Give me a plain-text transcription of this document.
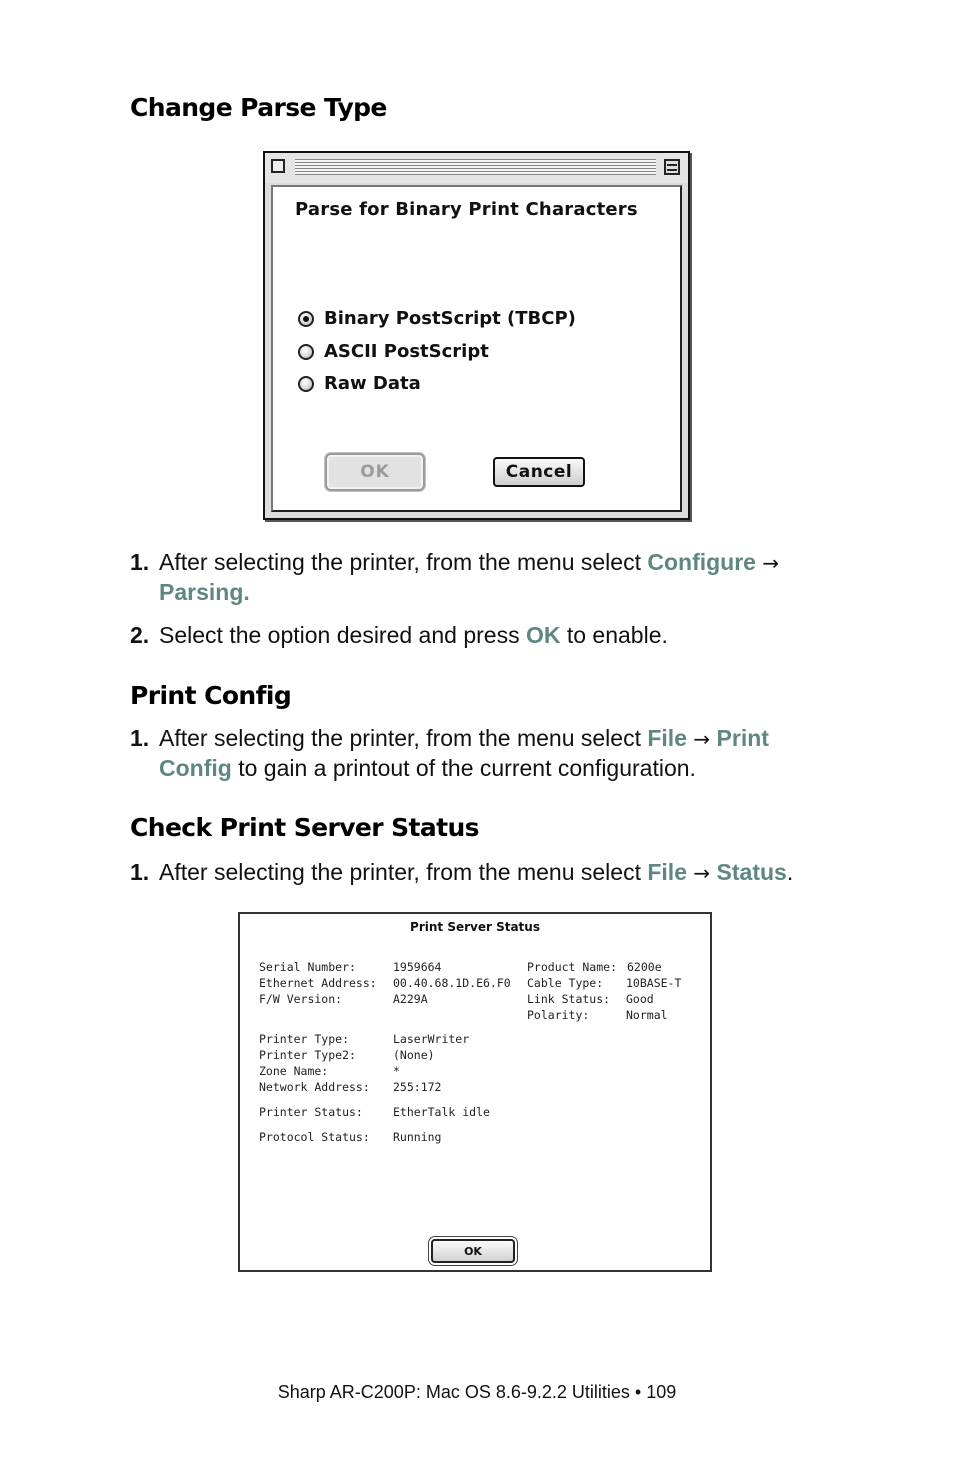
Change Parse Type
Parse for Binary Print Characters
Binary PostScript (TBCP)
ASCII PostScript
Raw Data
OK	Cancel
1. After selecting the printer, from the menu select Configure →
Parsing.
2. Select the option desired and press OK to enable.
Print Config
1. After selecting the printer, from the menu select File → Print Config to gain a printout of the current configuration.
Check Print Server Status
1. After selecting the printer, from the menu select File → Status.
Print Server Status
Serial Number:	1959664
Ethernet Address: 00.40.68.1D.E6.F0
F/W Version:	A229A
Product Name: 6200e
Cable Type: 10BASE-T
Link Status: Good
Polarity:	Normal
Printer Type:	LaserWriter
Printer Type2:	(None)
Zone Name:	*
Network Address: 255:172
Printer Status:	EtherTalk idle
Protocol Status: Running
OK
Sharp AR-C200P: Mac OS 8.6-9.2.2 Utilities • 109
